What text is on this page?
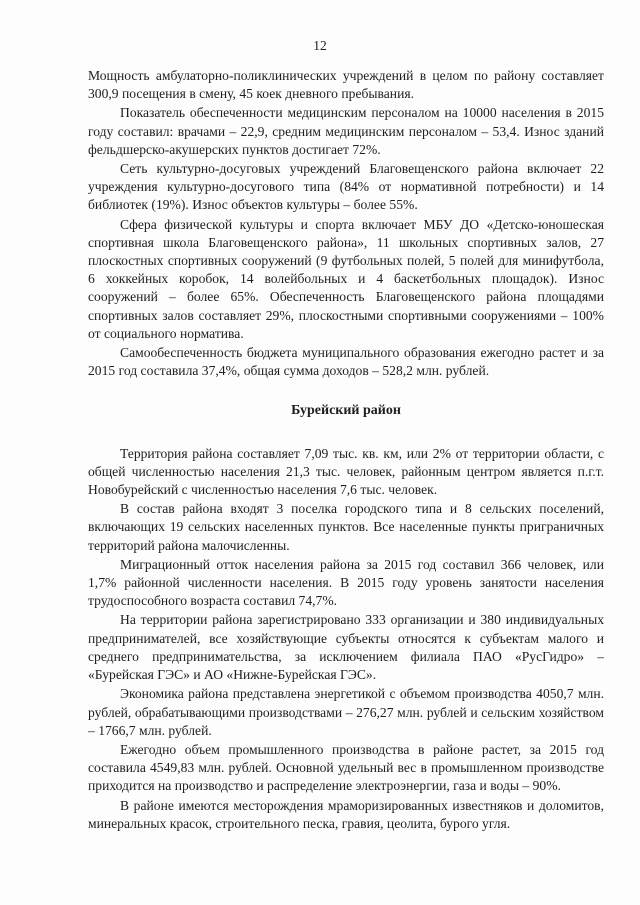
12

Мощность амбулаторно-поликлинических учреждений в целом по району составляет 300,9 посещения в смену, 45 коек дневного пребывания.

Показатель обеспеченности медицинским персоналом на 10000 населения в 2015 году составил: врачами – 22,9, средним медицинским персоналом – 53,4. Износ зданий фельдшерско-акушерских пунктов достигает 72%.

Сеть культурно-досуговых учреждений Благовещенского района включает 22 учреждения культурно-досугового типа (84% от нормативной потребности) и 14 библиотек (19%). Износ объектов культуры – более 55%.

Сфера физической культуры и спорта включает МБУ ДО «Детско-юношеская спортивная школа Благовещенского района», 11 школьных спортивных залов, 27 плоскостных спортивных сооружений (9 футбольных полей, 5 полей для минифутбола, 6 хоккейных коробок, 14 волейбольных и 4 баскетбольных площадок). Износ сооружений – более 65%. Обеспеченность Благовещенского района площадями спортивных залов составляет 29%, плоскостными спортивными сооружениями – 100% от социального норматива.

Самообеспеченность бюджета муниципального образования ежегодно растет и за 2015 год составила 37,4%, общая сумма доходов – 528,2 млн. рублей.

Бурейский район

Территория района составляет 7,09 тыс. кв. км, или 2% от территории области, с общей численностью населения 21,3 тыс. человек, районным центром является п.г.т. Новобурейский с численностью населения 7,6 тыс. человек.

В состав района входят 3 поселка городского типа и 8 сельских поселений, включающих 19 сельских населенных пунктов. Все населенные пункты приграничных территорий района малочисленны.

Миграционный отток населения района за 2015 год составил 366 человек, или 1,7% районной численности населения. В 2015 году уровень занятости населения трудоспособного возраста составил 74,7%.

На территории района зарегистрировано 333 организации и 380 индивидуальных предпринимателей, все хозяйствующие субъекты относятся к субъектам малого и среднего предпринимательства, за исключением филиала ПАО «РусГидро» – «Бурейская ГЭС» и АО «Нижне-Бурейская ГЭС».

Экономика района представлена энергетикой с объемом производства 4050,7 млн. рублей, обрабатывающими производствами – 276,27 млн. рублей и сельским хозяйством – 1766,7 млн. рублей.

Ежегодно объем промышленного производства в районе растет, за 2015 год составила 4549,83 млн. рублей. Основной удельный вес в промышленном производстве приходится на производство и распределение электроэнергии, газа и воды – 90%.

В районе имеются месторождения мраморизированных известняков и доломитов, минеральных красок, строительного песка, гравия, цеолита, бурого угля.
